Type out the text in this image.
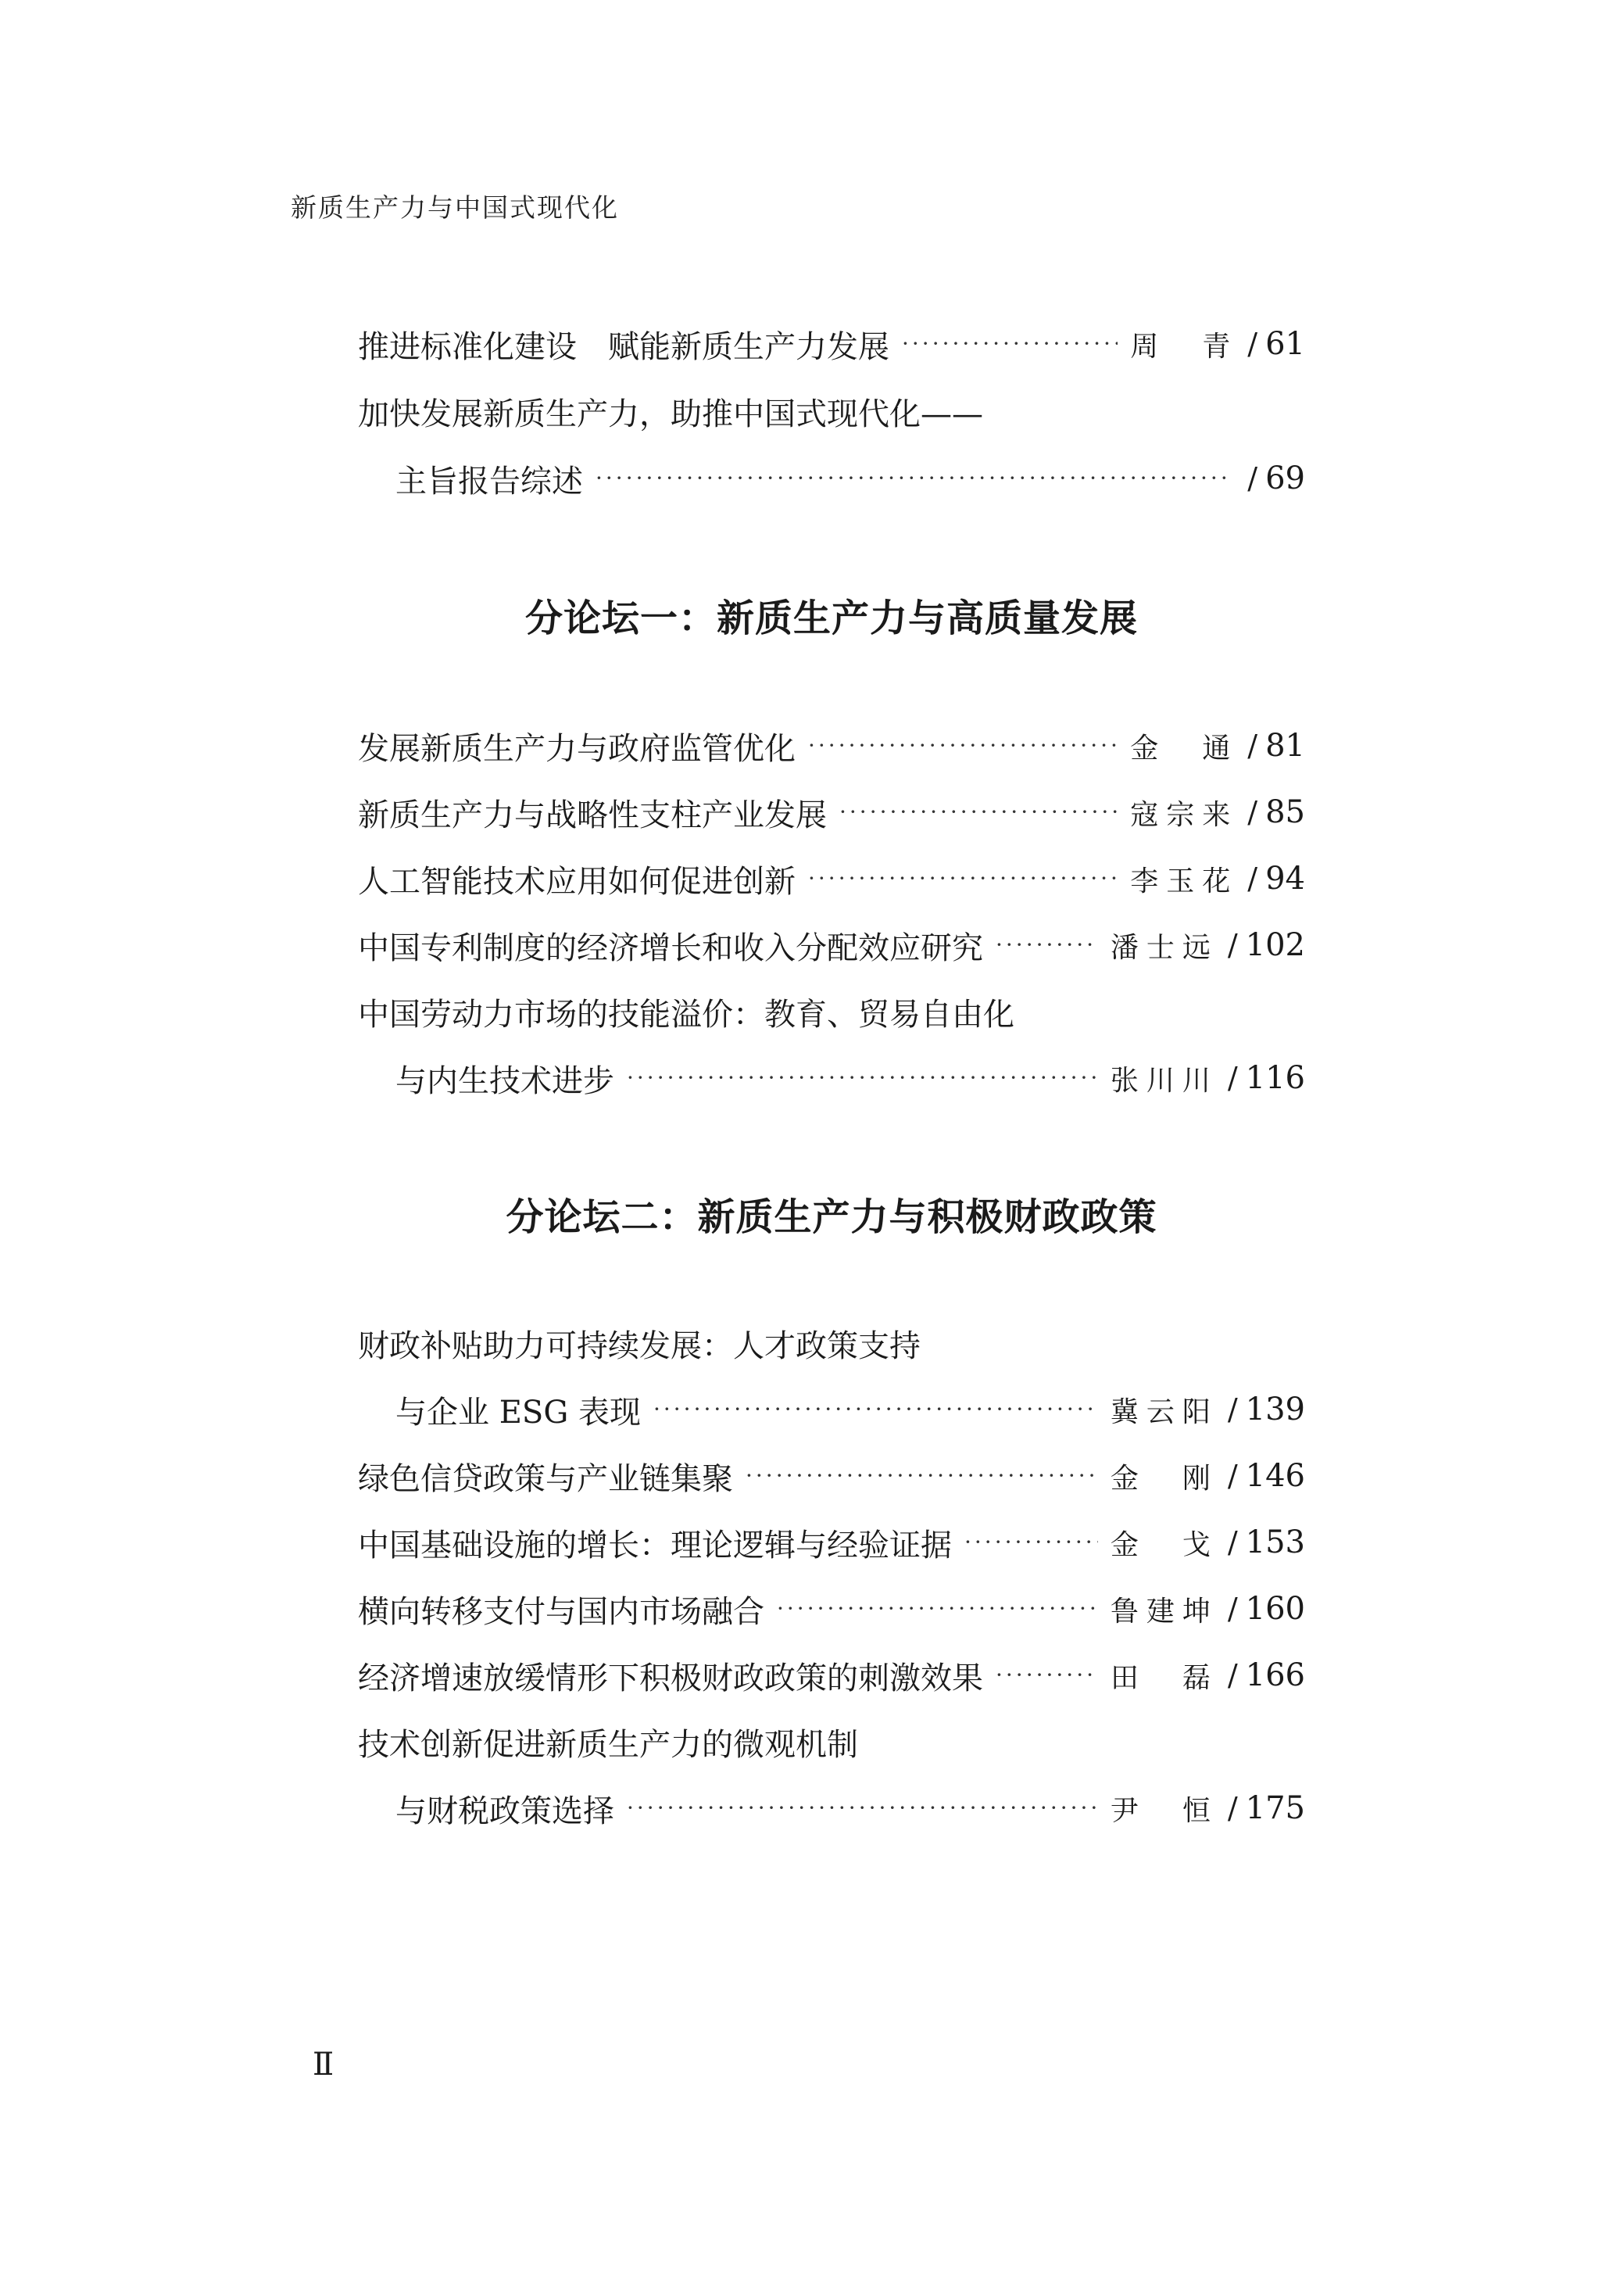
新质生产力与中国式现代化
推进标准化建设　赋能新质生产力发展 ·····	周　青 / 61
加快发展新质生产力，助推中国式现代化——
主旨报告综述 ·····	/ 69
分论坛一：新质生产力与高质量发展
发展新质生产力与政府监管优化 ·····	金　通 / 81
新质生产力与战略性支柱产业发展 ·····	寇宗来 / 85
人工智能技术应用如何促进创新 ·····	李玉花 / 94
中国专利制度的经济增长和收入分配效应研究 ·····	潘士远 / 102
中国劳动力市场的技能溢价：教育、贸易自由化
与内生技术进步 ·····	张川川 / 116
分论坛二：新质生产力与积极财政政策
财政补贴助力可持续发展：人才政策支持
与企业 ESG 表现 ·····	冀云阳 / 139
绿色信贷政策与产业链集聚 ·····	金　刚 / 146
中国基础设施的增长：理论逻辑与经验证据 ·····	金　戈 / 153
横向转移支付与国内市场融合 ·····	鲁建坤 / 160
经济增速放缓情形下积极财政政策的刺激效果 ·····	田　磊 / 166
技术创新促进新质生产力的微观机制
与财税政策选择 ·····	尹　恒 / 175
Ⅱ
